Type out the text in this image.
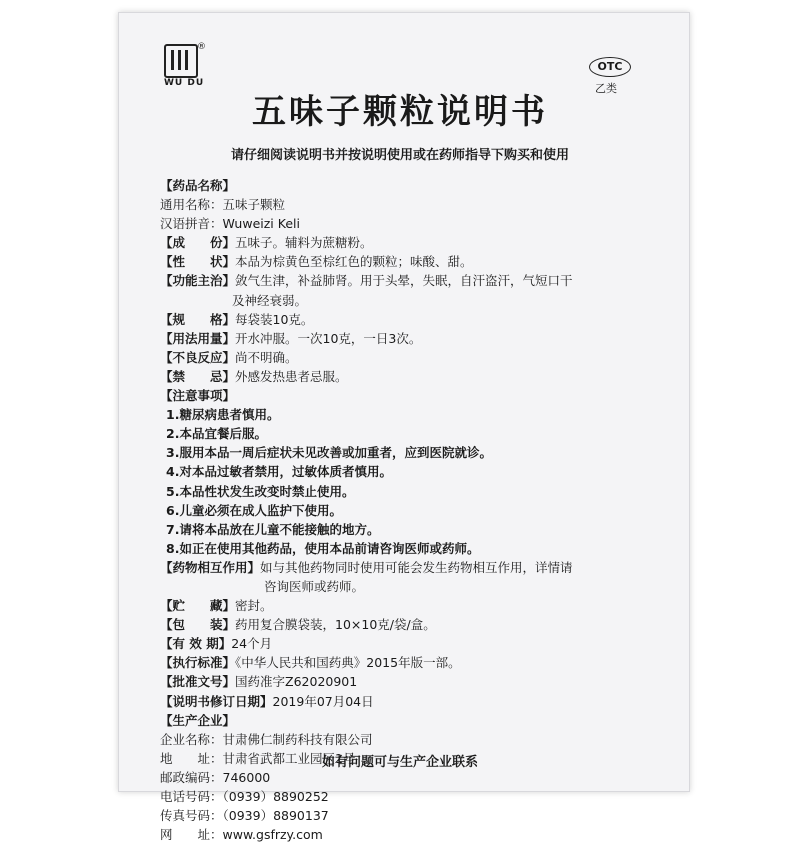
®
WU DU
OTC
乙类
五味子颗粒说明书
请仔细阅读说明书并按说明使用或在药师指导下购买和使用
【药品名称】
通用名称：五味子颗粒
汉语拼音：Wuweizi Keli
【成　　份】五味子。辅料为蔗糖粉。
【性　　状】本品为棕黄色至棕红色的颗粒；味酸、甜。
【功能主治】敛气生津，补益肺肾。用于头晕，失眠，自汗盗汗，气短口干
及神经衰弱。
【规　　格】每袋装10克。
【用法用量】开水冲服。一次10克，一日3次。
【不良反应】尚不明确。
【禁　　忌】外感发热患者忌服。
【注意事项】
1.糖尿病患者慎用。
2.本品宜餐后服。
3.服用本品一周后症状未见改善或加重者，应到医院就诊。
4.对本品过敏者禁用，过敏体质者慎用。
5.本品性状发生改变时禁止使用。
6.儿童必须在成人监护下使用。
7.请将本品放在儿童不能接触的地方。
8.如正在使用其他药品，使用本品前请咨询医师或药师。
【药物相互作用】如与其他药物同时使用可能会发生药物相互作用，详情请
咨询医师或药师。
【贮　　藏】密封。
【包　　装】药用复合膜袋装，10×10克/袋/盒。
【有 效 期】24个月
【执行标准】《中华人民共和国药典》2015年版一部。
【批准文号】国药准字Z62020901
【说明书修订日期】2019年07月04日
【生产企业】
企业名称：甘肃佛仁制药科技有限公司
地　　址：甘肃省武都工业园区1号
邮政编码：746000
电话号码：（0939）8890252
传真号码：（0939）8890137
网　　址：www.gsfrzy.com
如有问题可与生产企业联系
